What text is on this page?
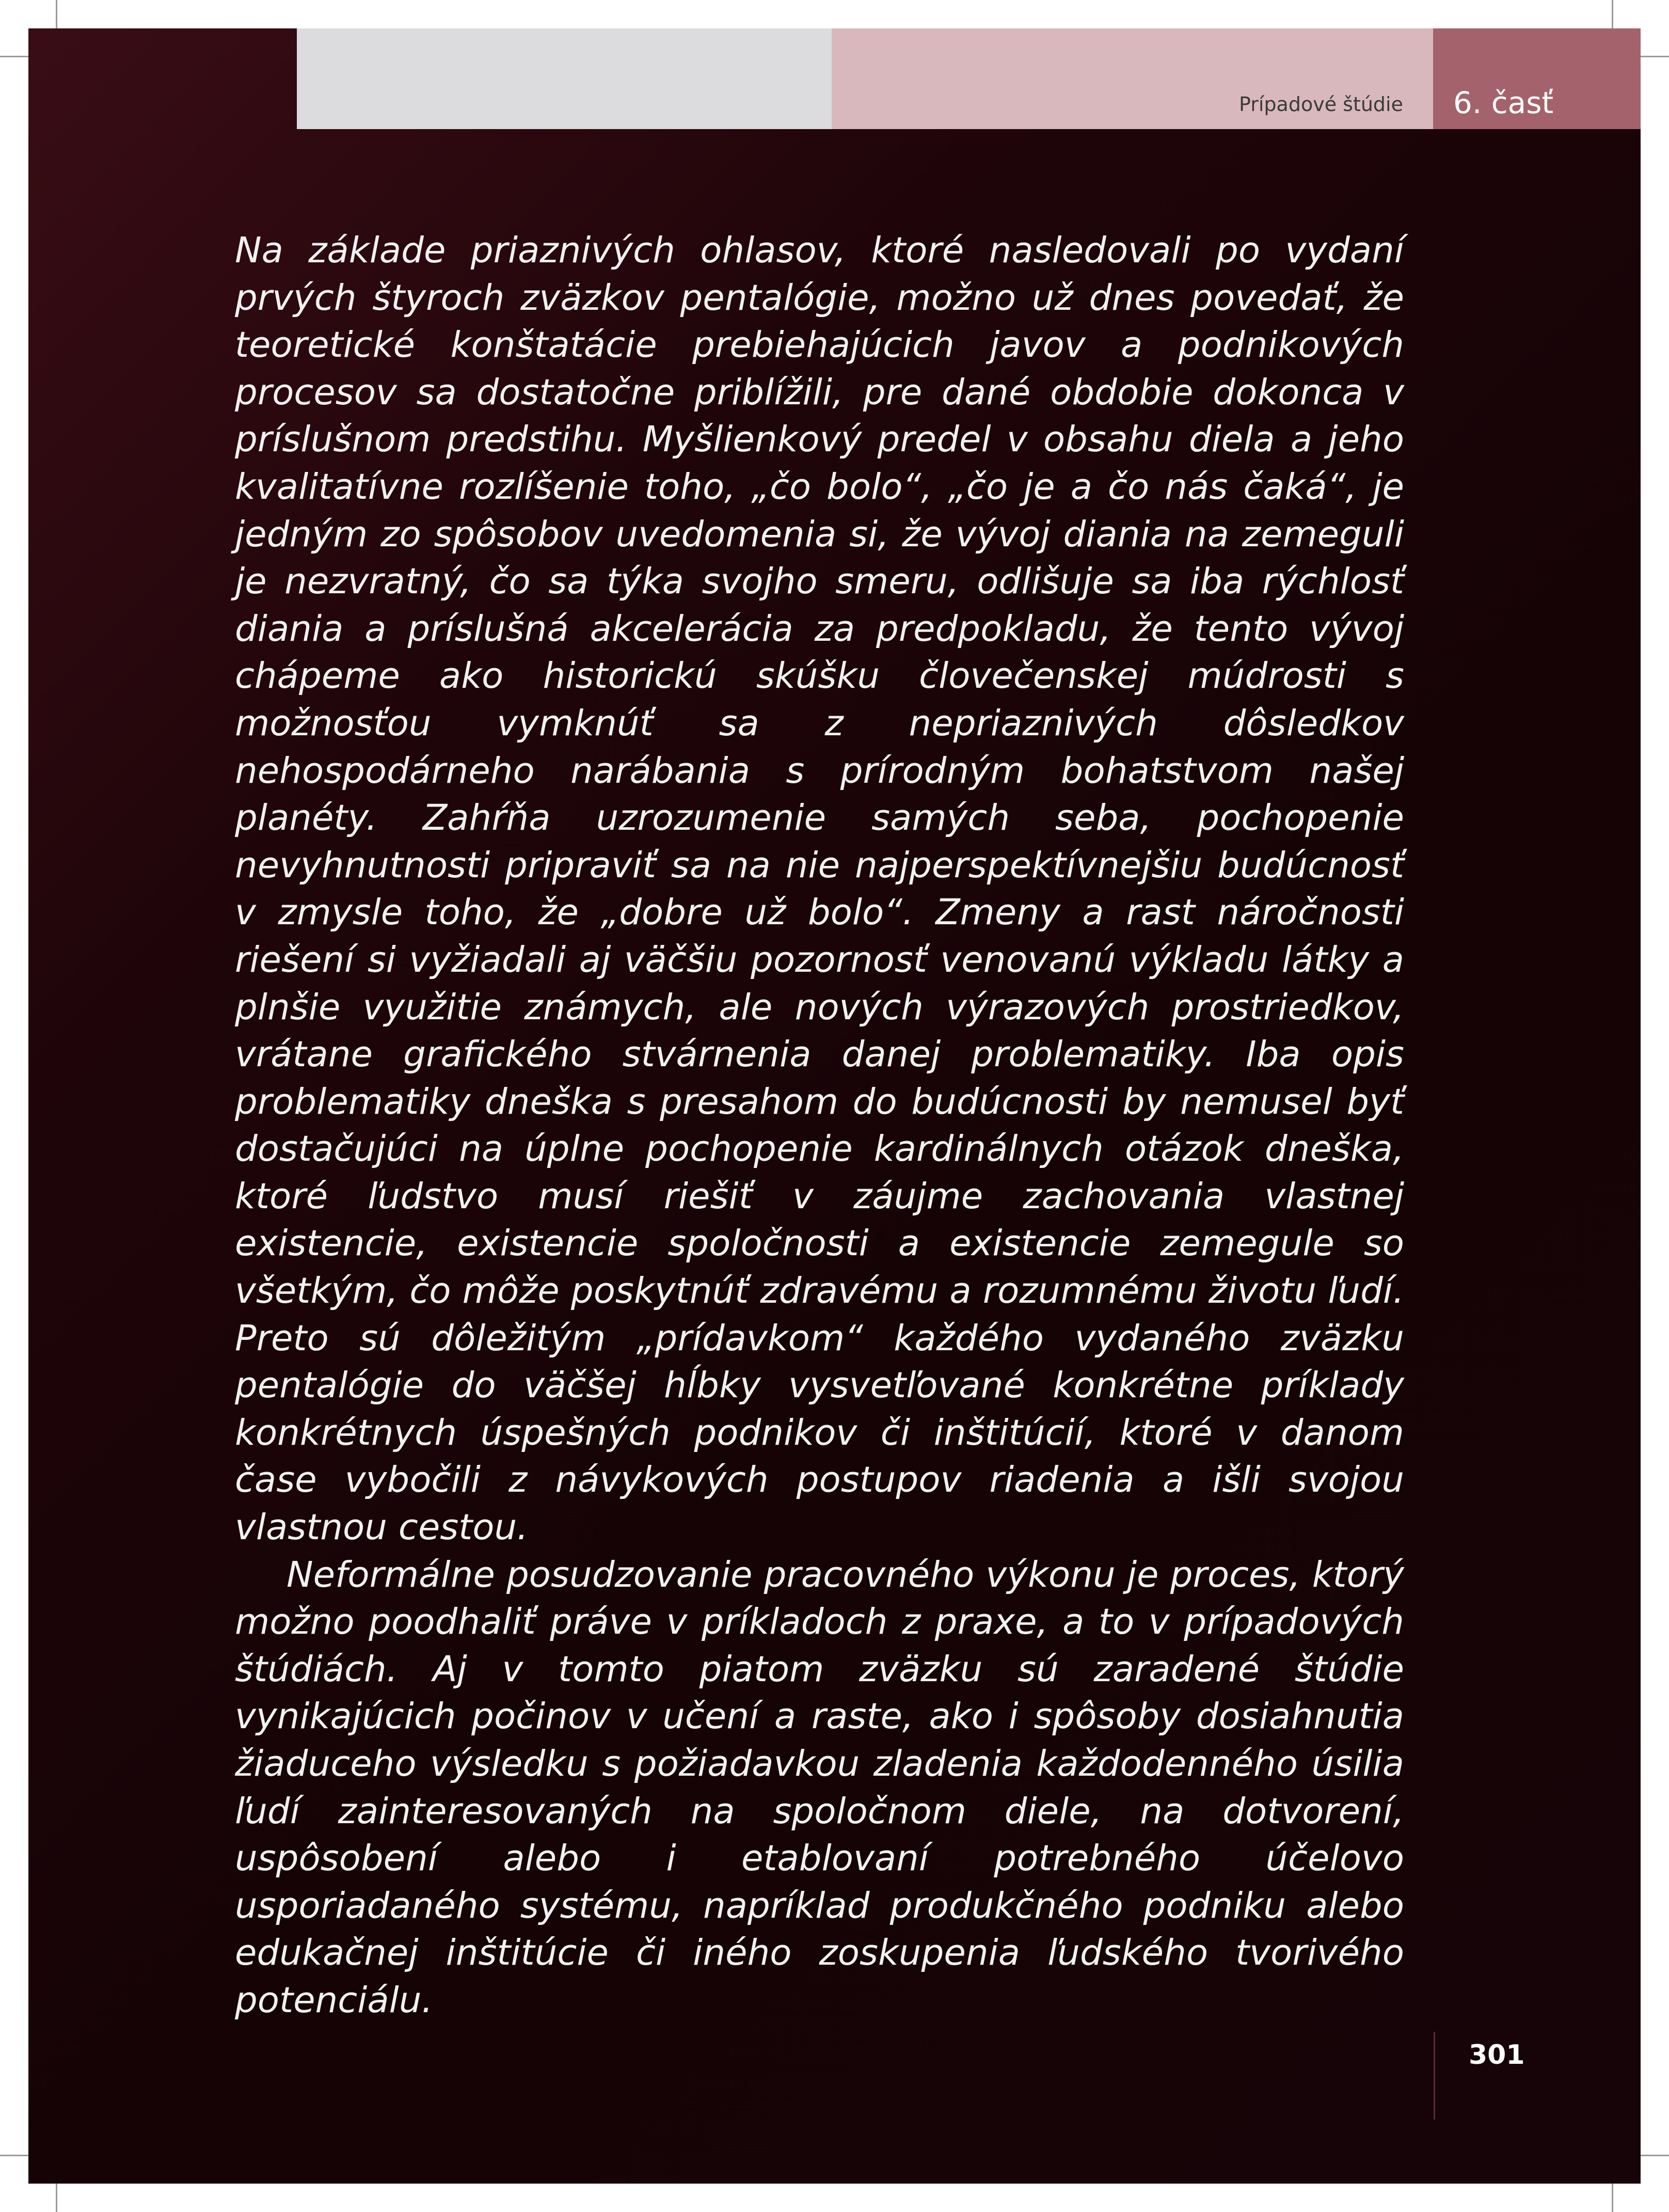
Prípadové štúdie 6. časť

Na základe priaznivých ohlasov, ktoré nasledovali po vydaní prvých štyroch zväzkov pentalógie, možno už dnes povedať, že teoretické konštatácie prebiehajúcich javov a podnikových procesov sa dostatočne priblížili, pre dané obdobie dokonca v príslušnom predstihu. Myšlienkový predel v obsahu diela a jeho kvalitatívne rozlíšenie toho, „čo bolo“, „čo je a čo nás čaká“, je jedným zo spôsobov uvedomenia si, že vývoj diania na zemeguli je nezvratný, čo sa týka svojho smeru, odlišuje sa iba rýchlosť diania a príslušná akcelerácia za predpokladu, že tento vývoj chápeme ako historickú skúšku človečenskej múdrosti s možnosťou vymknúť sa z nepriaznivých dôsledkov nehospodárneho narábania s prírodným bohatstvom našej planéty. Zahŕňa uzrozumenie samých seba, pochopenie nevyhnutnosti pripraviť sa na nie najperspektívnejšiu budúcnosť v zmysle toho, že „dobre už bolo“. Zmeny a rast náročnosti riešení si vyžiadali aj väčšiu pozornosť venovanú výkladu látky a plnšie využitie známych, ale nových výrazových prostriedkov, vrátane grafického stvárnenia danej problematiky. Iba opis problematiky dneška s presahom do budúcnosti by nemusel byť dostačujúci na úplne pochopenie kardinálnych otázok dneška, ktoré ľudstvo musí riešiť v záujme zachovania vlastnej existencie, existencie spoločnosti a existencie zemegule so všetkým, čo môže poskytnúť zdravému a rozumnému životu ľudí. Preto sú dôležitým „prídavkom“ každého vydaného zväzku pentalógie do väčšej hĺbky vysvetľované konkrétne príklady konkrétnych úspešných podnikov či inštitúcií, ktoré v danom čase vybočili z návykových postupov riadenia a išli svojou vlastnou cestou.

Neformálne posudzovanie pracovného výkonu je proces, ktorý možno poodhaliť práve v príkladoch z praxe, a to v prípadových štúdiách. Aj v tomto piatom zväzku sú zaradené štúdie vynikajúcich počinov v učení a raste, ako i spôsoby dosiahnutia žiaduceho výsledku s požiadavkou zladenia každodenného úsilia ľudí zainteresovaných na spoločnom diele, na dotvorení, uspôsobení alebo i etablovaní potrebného účelovo usporiadaného systému, napríklad produkčného podniku alebo edukačnej inštitúcie či iného zoskupenia ľudského tvorivého potenciálu.

301
